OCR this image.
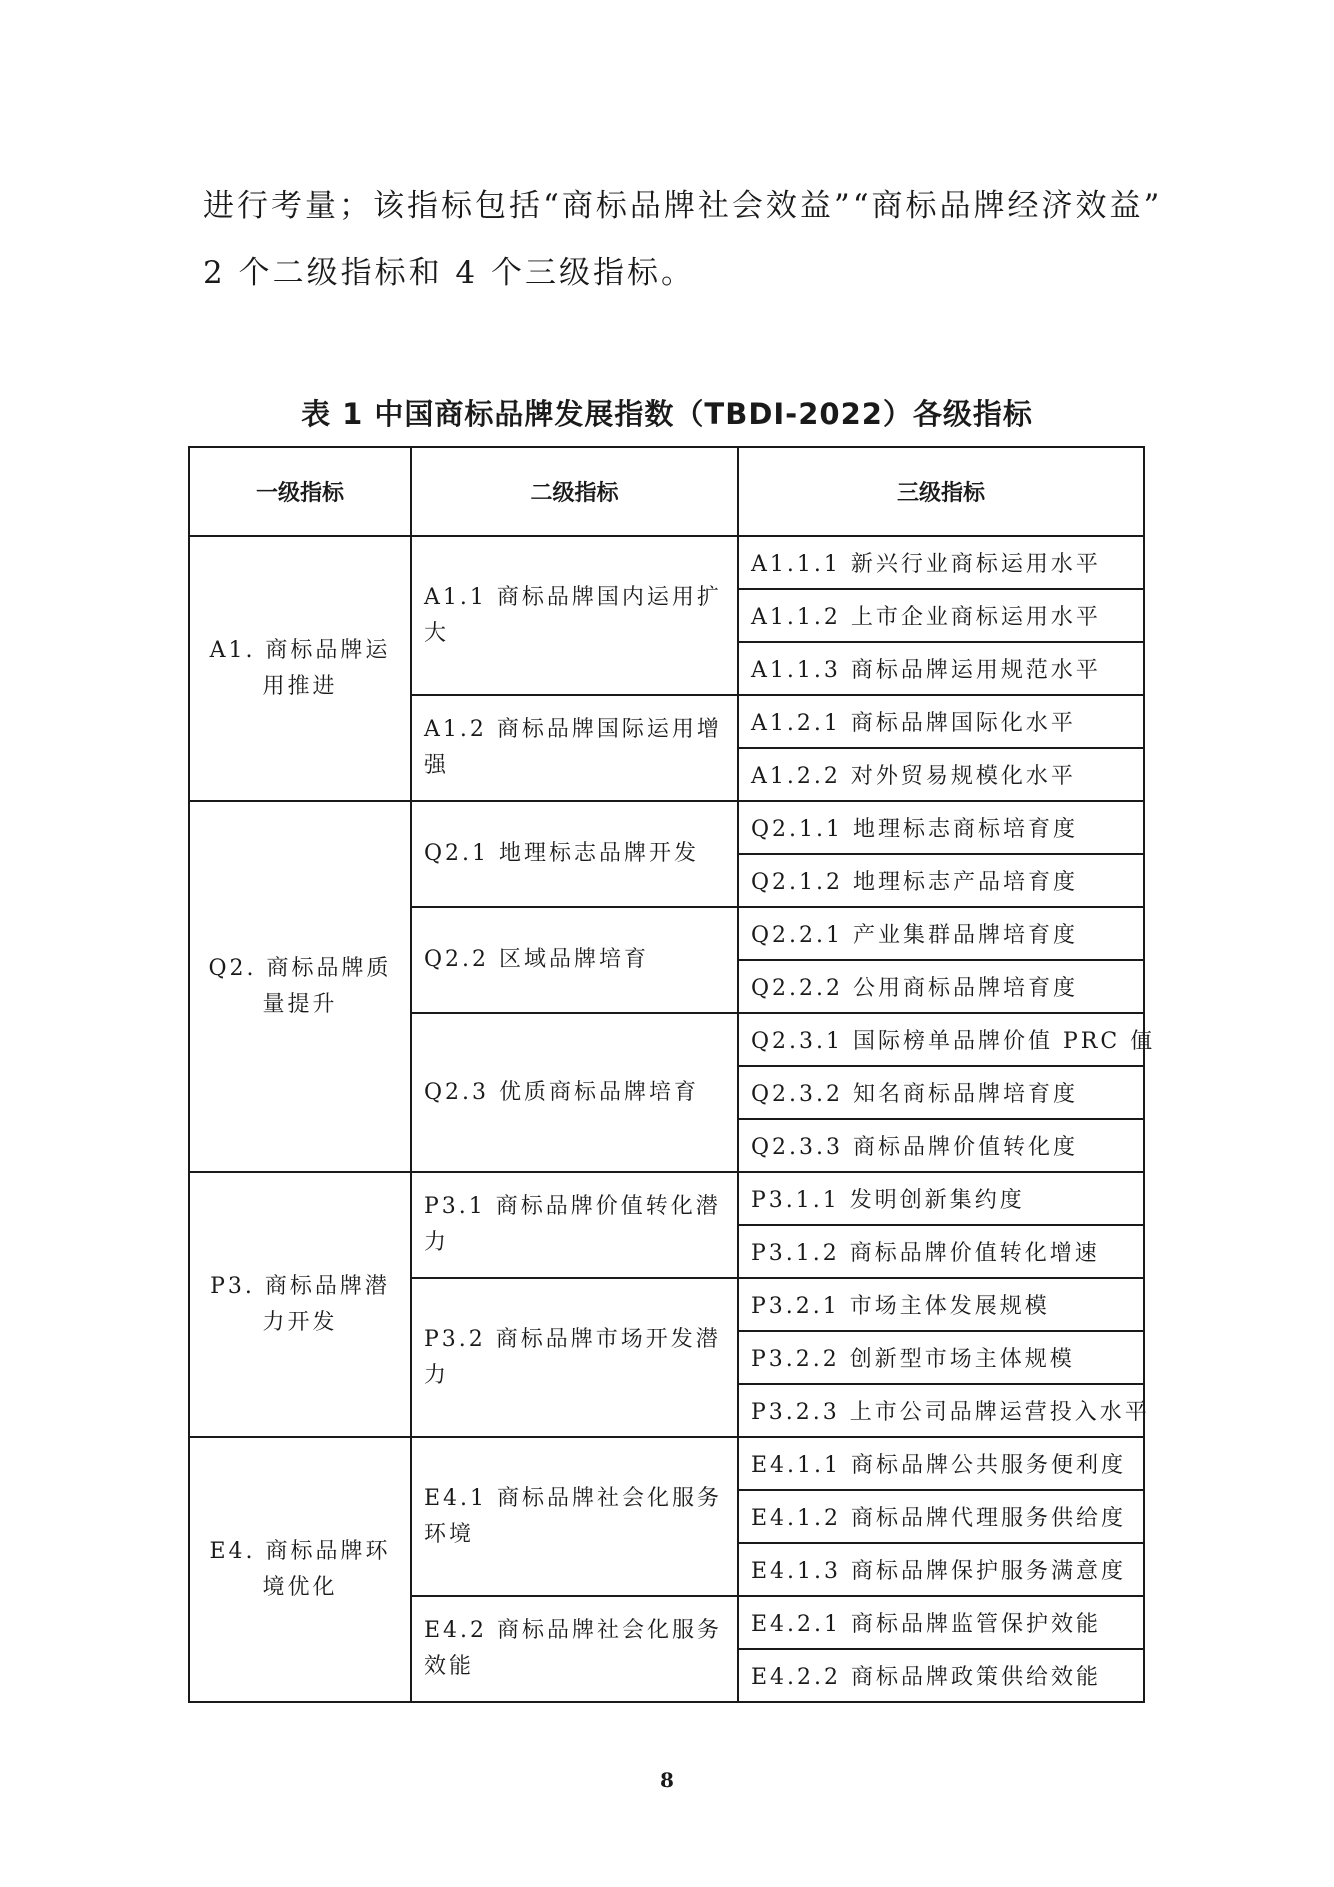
进行考量；该指标包括“商标品牌社会效益”“商标品牌经济效益”

2 个二级指标和 4 个三级指标。

表 1 中国商标品牌发展指数（TBDI-2022）各级指标
一级指标	二级指标	三级指标
A1. 商标品牌运用推进	A1.1 商标品牌国内运用扩大	A1.1.1 新兴行业商标运用水平
		A1.1.2 上市企业商标运用水平
		A1.1.3 商标品牌运用规范水平
	A1.2 商标品牌国际运用增强	A1.2.1 商标品牌国际化水平
		A1.2.2 对外贸易规模化水平
Q2. 商标品牌质量提升	Q2.1 地理标志品牌开发	Q2.1.1 地理标志商标培育度
		Q2.1.2 地理标志产品培育度
	Q2.2 区域品牌培育	Q2.2.1 产业集群品牌培育度
		Q2.2.2 公用商标品牌培育度
	Q2.3 优质商标品牌培育	Q2.3.1 国际榜单品牌价值 PRC 值
		Q2.3.2 知名商标品牌培育度
		Q2.3.3 商标品牌价值转化度
P3. 商标品牌潜力开发	P3.1 商标品牌价值转化潜力	P3.1.1 发明创新集约度
		P3.1.2 商标品牌价值转化增速
	P3.2 商标品牌市场开发潜力	P3.2.1 市场主体发展规模
		P3.2.2 创新型市场主体规模
		P3.2.3 上市公司品牌运营投入水平
E4. 商标品牌环境优化	E4.1 商标品牌社会化服务环境	E4.1.1 商标品牌公共服务便利度
		E4.1.2 商标品牌代理服务供给度
		E4.1.3 商标品牌保护服务满意度
	E4.2 商标品牌社会化服务效能	E4.2.1 商标品牌监管保护效能
		E4.2.2 商标品牌政策供给效能

8
